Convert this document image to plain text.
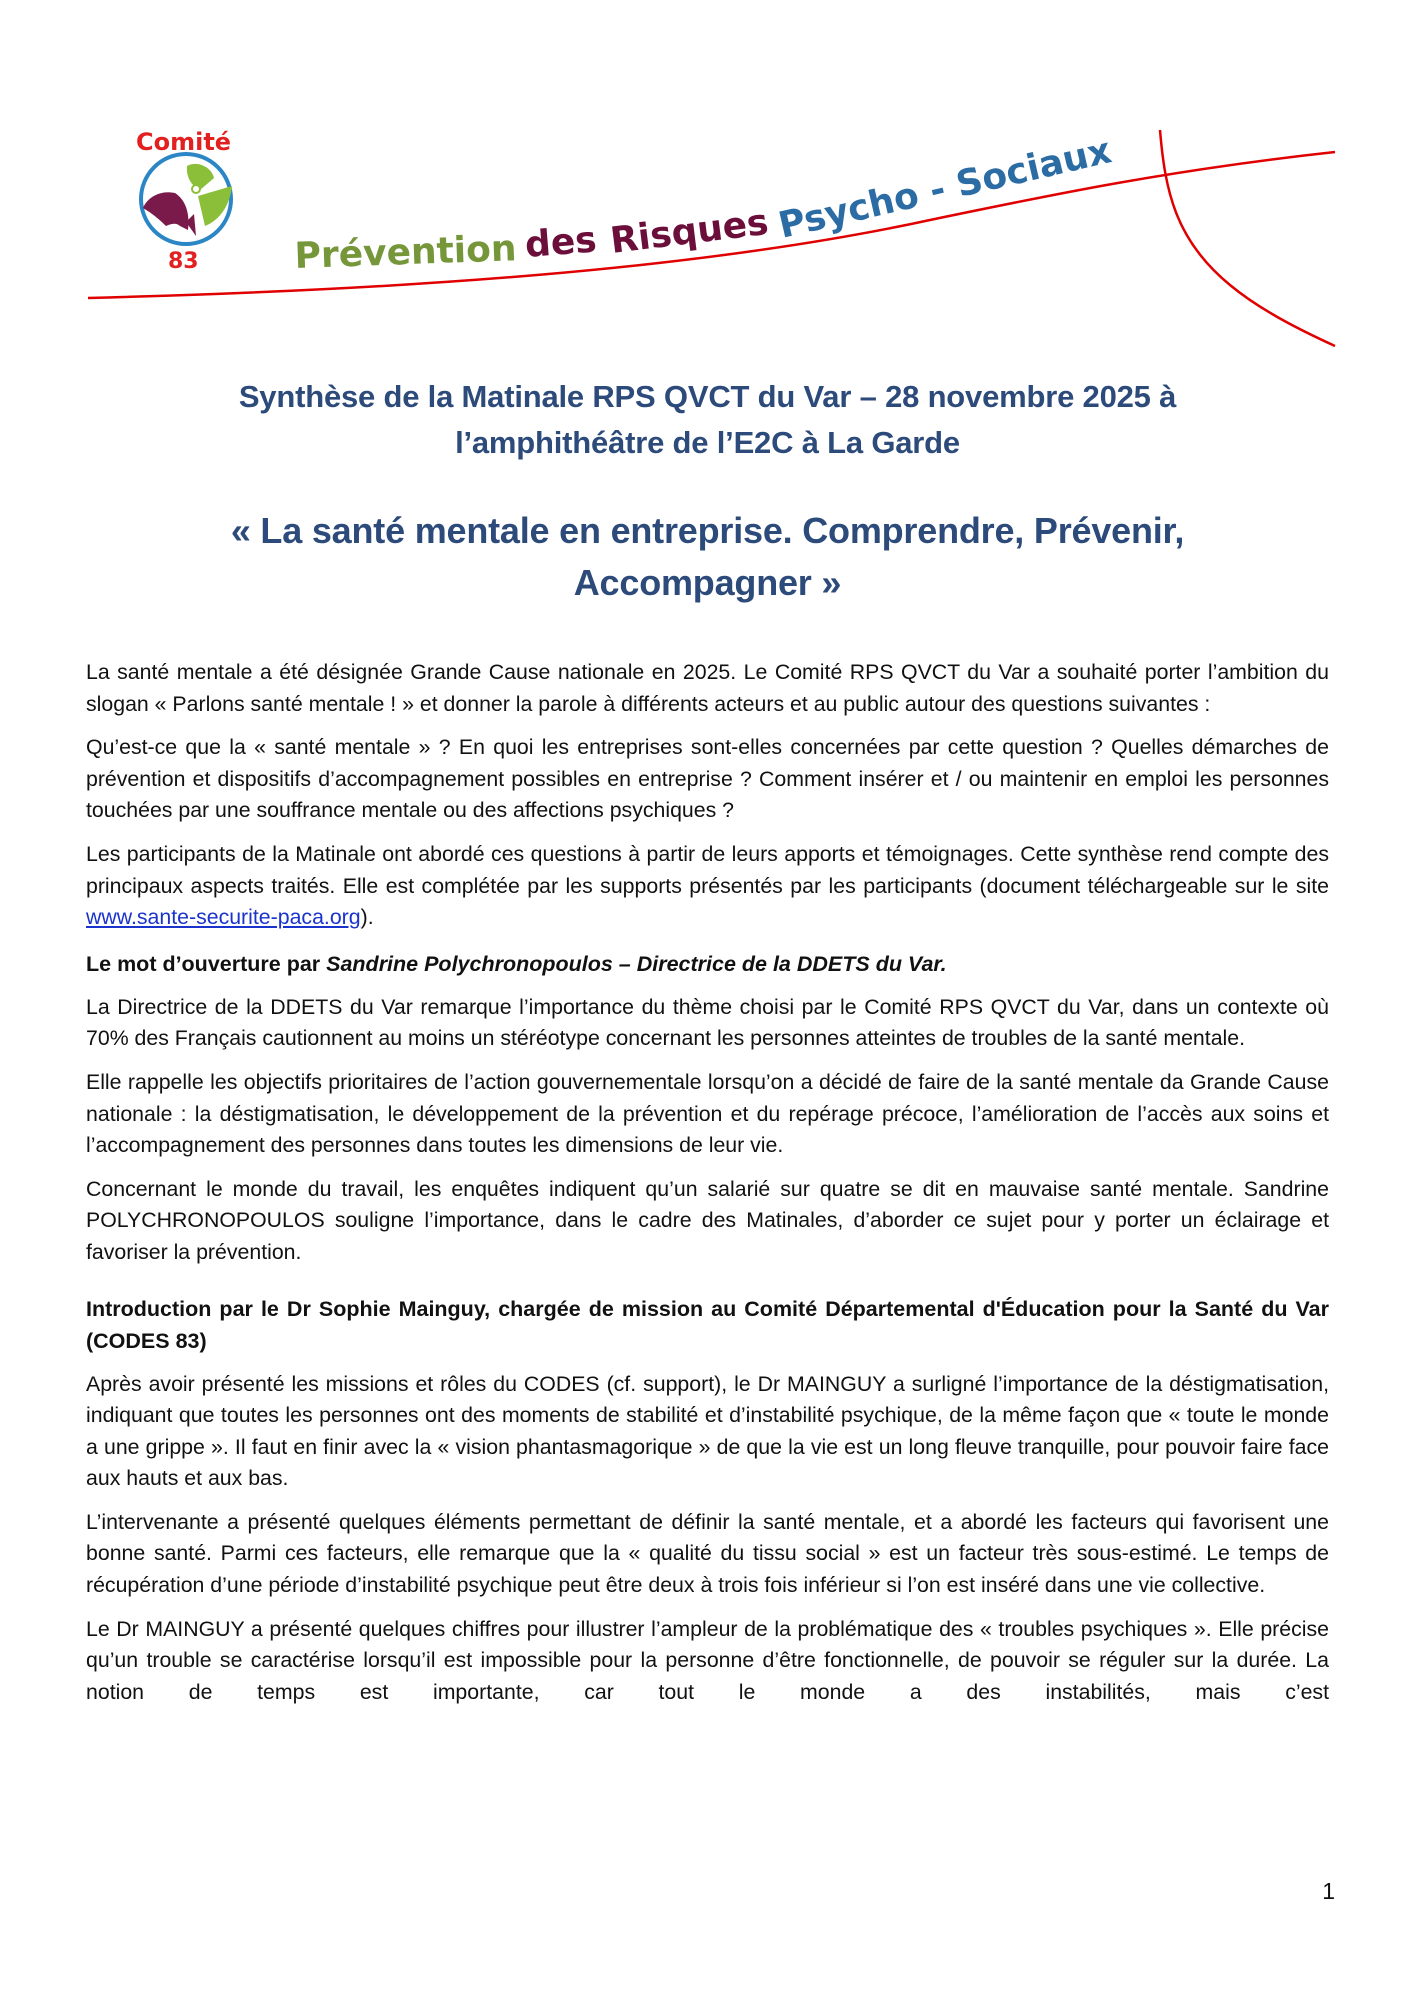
Comité
83	Prévention des Risques Psycho - Sociaux
Synthèse de la Matinale RPS QVCT du Var – 28 novembre 2025 à
l’amphithéâtre de l’E2C à La Garde
« La santé mentale en entreprise. Comprendre, Prévenir,
Accompagner »

La santé mentale a été désignée Grande Cause nationale en 2025. Le Comité RPS QVCT du Var a souhaité porter l’ambition du slogan « Parlons santé mentale ! » et donner la parole à différents acteurs et au public autour des questions suivantes :

Qu’est-ce que la « santé mentale » ? En quoi les entreprises sont-elles concernées par cette question ? Quelles démarches de prévention et dispositifs d’accompagnement possibles en entreprise ? Comment insérer et / ou maintenir en emploi les personnes touchées par une souffrance mentale ou des affections psychiques ?

Les participants de la Matinale ont abordé ces questions à partir de leurs apports et témoignages. Cette synthèse rend compte des principaux aspects traités. Elle est complétée par les supports présentés par les participants (document téléchargeable sur le site www.sante-securite-paca.org).

Le mot d’ouverture par Sandrine Polychronopoulos – Directrice de la DDETS du Var.

La Directrice de la DDETS du Var remarque l’importance du thème choisi par le Comité RPS QVCT du Var, dans un contexte où 70% des Français cautionnent au moins un stéréotype concernant les personnes atteintes de troubles de la santé mentale.

Elle rappelle les objectifs prioritaires de l’action gouvernementale lorsqu’on a décidé de faire de la santé mentale da Grande Cause nationale : la déstigmatisation, le développement de la prévention et du repérage précoce, l’amélioration de l’accès aux soins et l’accompagnement des personnes dans toutes les dimensions de leur vie.

Concernant le monde du travail, les enquêtes indiquent qu’un salarié sur quatre se dit en mauvaise santé mentale. Sandrine POLYCHRONOPOULOS souligne l’importance, dans le cadre des Matinales, d’aborder ce sujet pour y porter un éclairage et favoriser la prévention.

Introduction par le Dr Sophie Mainguy, chargée de mission au Comité Départemental d'Éducation pour la Santé du Var (CODES 83)

Après avoir présenté les missions et rôles du CODES (cf. support), le Dr MAINGUY a surligné l’importance de la déstigmatisation, indiquant que toutes les personnes ont des moments de stabilité et d’instabilité psychique, de la même façon que « toute le monde a une grippe ». Il faut en finir avec la « vision phantasmagorique » de que la vie est un long fleuve tranquille, pour pouvoir faire face aux hauts et aux bas.

L’intervenante a présenté quelques éléments permettant de définir la santé mentale, et a abordé les facteurs qui favorisent une bonne santé. Parmi ces facteurs, elle remarque que la « qualité du tissu social » est un facteur très sous-estimé. Le temps de récupération d’une période d’instabilité psychique peut être deux à trois fois inférieur si l’on est inséré dans une vie collective.

Le Dr MAINGUY a présenté quelques chiffres pour illustrer l’ampleur de la problématique des « troubles psychiques ». Elle précise qu’un trouble se caractérise lorsqu’il est impossible pour la personne d’être fonctionnelle, de pouvoir se réguler sur la durée. La notion de temps est importante, car tout le monde a des instabilités, mais c’est

1
